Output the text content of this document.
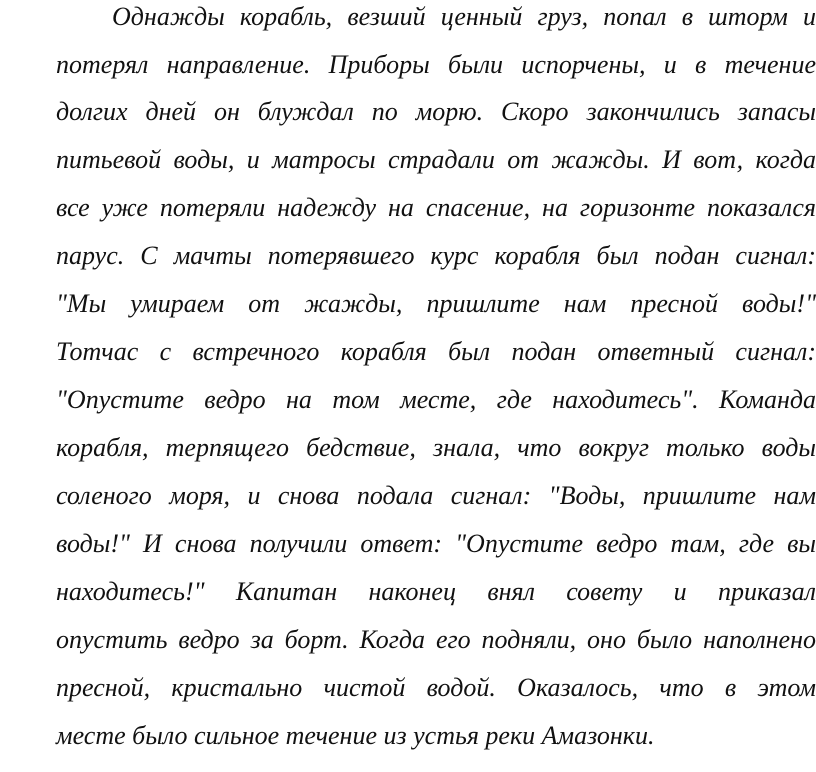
Однажды корабль, везший ценный груз, попал в шторм и
потерял направление. Приборы были испорчены, и в течение
долгих дней он блуждал по морю. Скоро закончились запасы
питьевой воды, и матросы страдали от жажды. И вот, когда
все уже потеряли надежду на спасение, на горизонте показался
парус. С мачты потерявшего курс корабля был подан сигнал:
"Мы умираем от жажды, пришлите нам пресной воды!"
Тотчас с встречного корабля был подан ответный сигнал:
"Опустите ведро на том месте, где находитесь". Команда
корабля, терпящего бедствие, знала, что вокруг только воды
соленого моря, и снова подала сигнал: "Воды, пришлите нам
воды!" И снова получили ответ: "Опустите ведро там, где вы
находитесь!" Капитан наконец внял совету и приказал
опустить ведро за борт. Когда его подняли, оно было наполнено
пресной, кристально чистой водой. Оказалось, что в этом
месте было сильное течение из устья реки Амазонки.
